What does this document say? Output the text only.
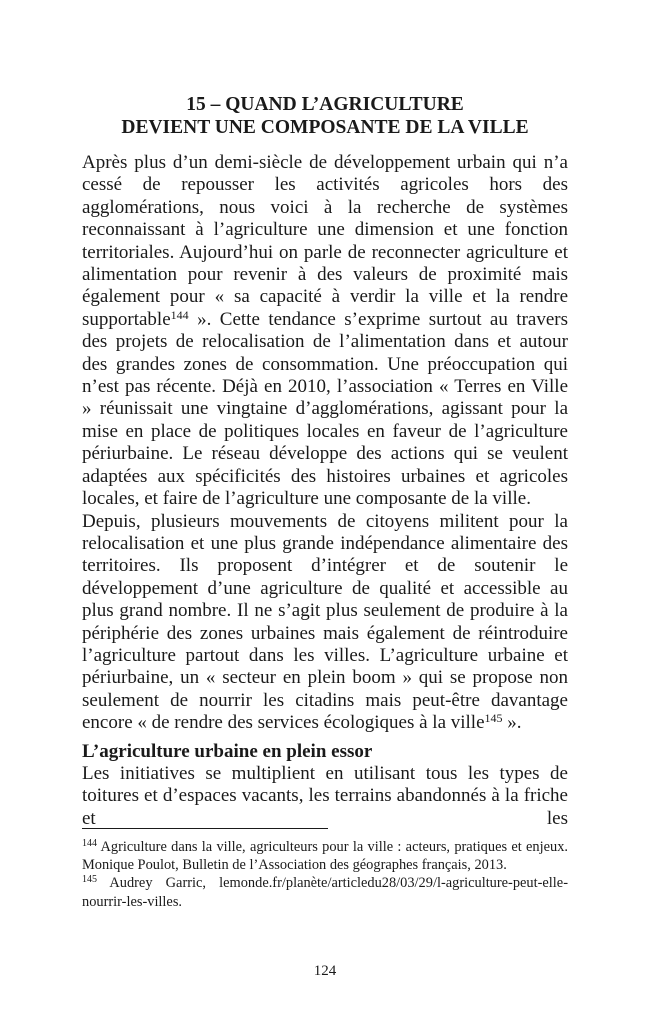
15 – QUAND L’AGRICULTURE
DEVIENT UNE COMPOSANTE DE LA VILLE

Après plus d’un demi-siècle de développement urbain qui n’a cessé de repousser les activités agricoles hors des agglomérations, nous voici à la recherche de systèmes reconnaissant à l’agriculture une dimension et une fonction territoriales. Aujourd’hui on parle de reconnecter agriculture et alimentation pour revenir à des valeurs de proximité mais également pour « sa capacité à verdir la ville et la rendre supportable$^{144}$ ». Cette tendance s’exprime surtout au travers des projets de relocalisation de l’alimentation dans et autour des grandes zones de consommation. Une préoccupation qui n’est pas récente. Déjà en 2010, l’association « Terres en Ville » réunissait une vingtaine d’agglomérations, agissant pour la mise en place de politiques locales en faveur de l’agriculture périurbaine. Le réseau développe des actions qui se veulent adaptées aux spécificités des histoires urbaines et agricoles locales, et faire de l’agriculture une composante de la ville.

Depuis, plusieurs mouvements de citoyens militent pour la relocalisation et une plus grande indépendance alimentaire des territoires. Ils proposent d’intégrer et de soutenir le développement d’une agriculture de qualité et accessible au plus grand nombre. Il ne s’agit plus seulement de produire à la périphérie des zones urbaines mais également de réintroduire l’agriculture partout dans les villes. L’agriculture urbaine et périurbaine, un « secteur en plein boom » qui se propose non seulement de nourrir les citadins mais peut-être davantage encore « de rendre des services écologiques à la ville$^{145}$ ».

L’agriculture urbaine en plein essor

Les initiatives se multiplient en utilisant tous les types de toitures et d’espaces vacants, les terrains abandonnés à la friche et les

$^{144}$ Agriculture dans la ville, agriculteurs pour la ville : acteurs, pratiques et enjeux. Monique Poulot, Bulletin de l’Association des géographes français, 2013.

$^{145}$ Audrey Garric, lemonde.fr/planète/articledu28/03/29/l-agriculture-peut-elle-nourrir-les-villes.

124
